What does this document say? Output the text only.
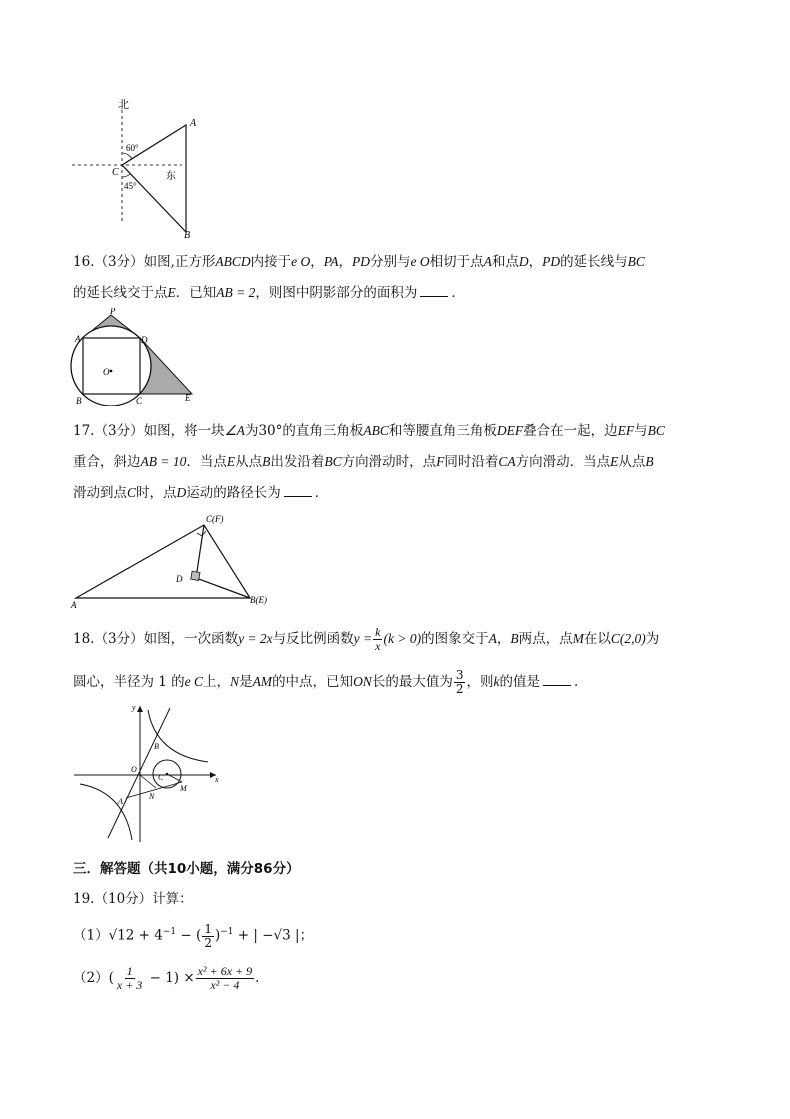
北
60°
C
45°
东
A
B
16.（3分）如图,正方形ABCD内接于e O，PA，PD分别与e O相切于点A和点D，PD的延长线与BC
的延长线交于点E．已知AB = 2，则图中阴影部分的面积为	．
P
A	D
O
B	C	E
17.（3分）如图，将一块∠A为30°的直角三角板ABC和等腰直角三角板DEF叠合在一起，边EF与BC
重合，斜边AB = 10．当点E从点B出发沿着BC方向滑动时，点F同时沿着CA方向滑动．当点E从点B
滑动到点C时，点D运动的路径长为	．
C(F)
D
A	B(E)
18.（3分）如图，一次函数y = 2x与反比例函数$y = \frac{k}{x} (k > 0)$的图象交于A，B两点，点M在以C(2,0)为
圆心，半径为 1 的e C上，N是AM的中点，已知ON长的最大值为 $\frac{3}{2}$ ，则k的值是	．
y
x
O
B
C
M
A
N
三．解答题（共10小题，满分86分）
19.（10分）计算：
$(1)√12 + 4^{-1}$ − ( $\frac{1}{2} )^{-1}$ + | −√3 |；
$(2)( \frac{1}{x + 3} - 1) \times \frac{\text{x² + 6x + 9}}{\text{x² − 4}}$ ．
